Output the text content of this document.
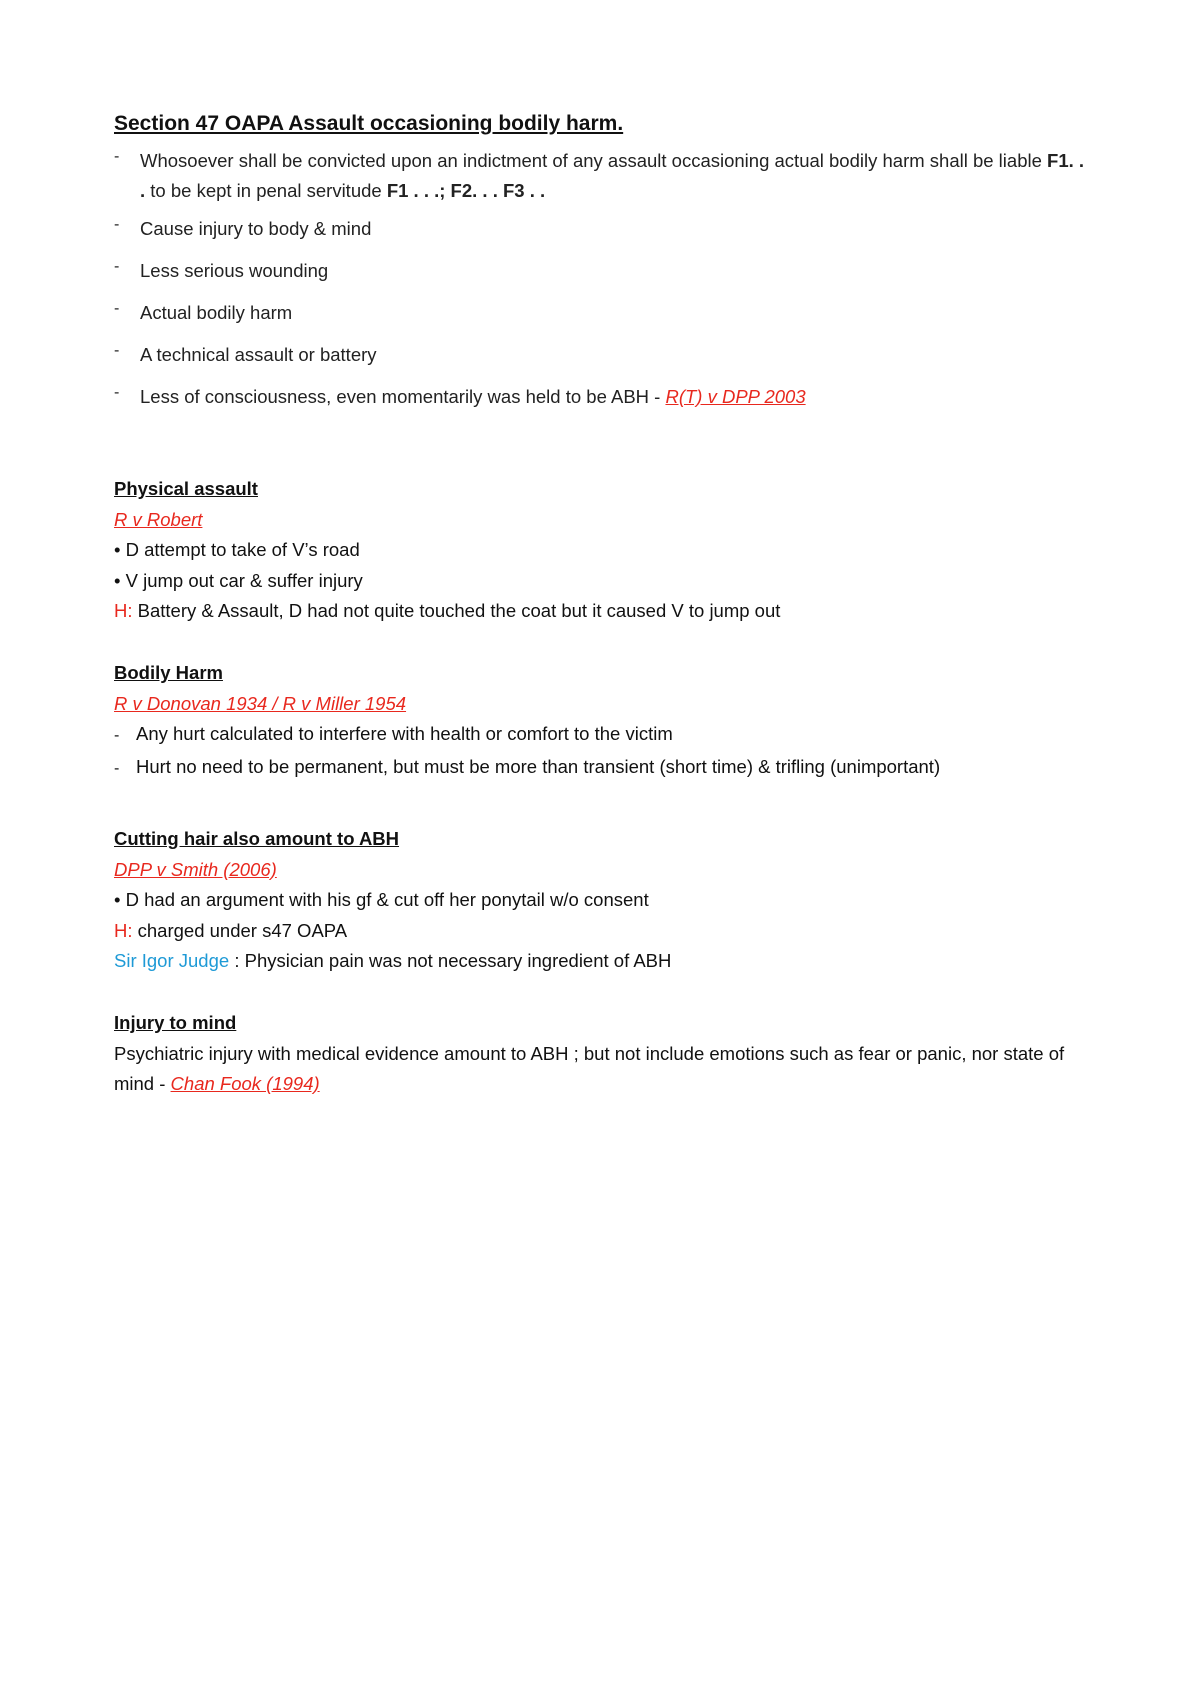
Section 47 OAPA Assault occasioning bodily harm.
- Whosoever shall be convicted upon an indictment of any assault occasioning actual bodily harm shall be liable F1. . . to be kept in penal servitude F1 . . .; F2. . . F3 . .
- Cause injury to body & mind
- Less serious wounding
- Actual bodily harm
- A technical assault or battery
- Less of consciousness, even momentarily was held to be ABH - R(T) v DPP 2003

Physical assault

R v Robert

• D attempt to take of V’s road

• V jump out car & suffer injury

H: Battery & Assault, D had not quite touched the coat but it caused V to jump out

Bodily Harm

R v Donovan 1934 / R v Miller 1954

- Any hurt calculated to interfere with health or comfort to the victim

- Hurt no need to be permanent, but must be more than transient (short time) & trifling (unimportant)

Cutting hair also amount to ABH

DPP v Smith (2006)

• D had an argument with his gf & cut off her ponytail w/o consent

H: charged under s47 OAPA

Sir Igor Judge : Physician pain was not necessary ingredient of ABH

Injury to mind

Psychiatric injury with medical evidence amount to ABH ; but not include emotions such as fear or panic, nor state of mind - Chan Fook (1994)
